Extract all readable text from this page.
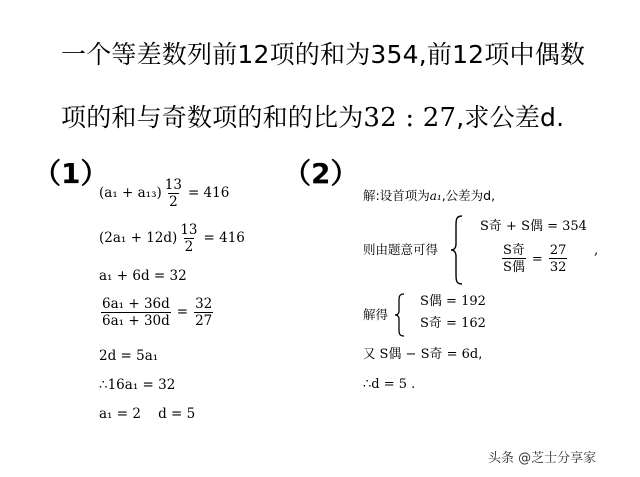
一个等差数列前12项的和为354,前12项中偶数
项的和与奇数项的和的比为32 : 27,求公差d.
（1）
$(a_1 + a_{13}) \frac{13}{2} = 416$
$(2a_1 + 12d) \frac{13}{2} = 416$
a₁ + 6d = 32
$\frac{\text{6a₁ + 36d}}{\text{6a₁ + 30d}} = \frac{32}{27}$
2d = 5a₁
∴16a₁ = 32
a₁ = 2    d = 5
（2）
解:设首项为a₁,公差为d,
则由题意可得
S奇 + S偶 = 354
$\frac{\text{S奇}}{\text{S偶}} = \frac{27}{32}$ ,
解得
S偶 = 192
S奇 = 162
又 S偶 − S奇 = 6d,
∴d = 5 .
头条 @芝士分享家
